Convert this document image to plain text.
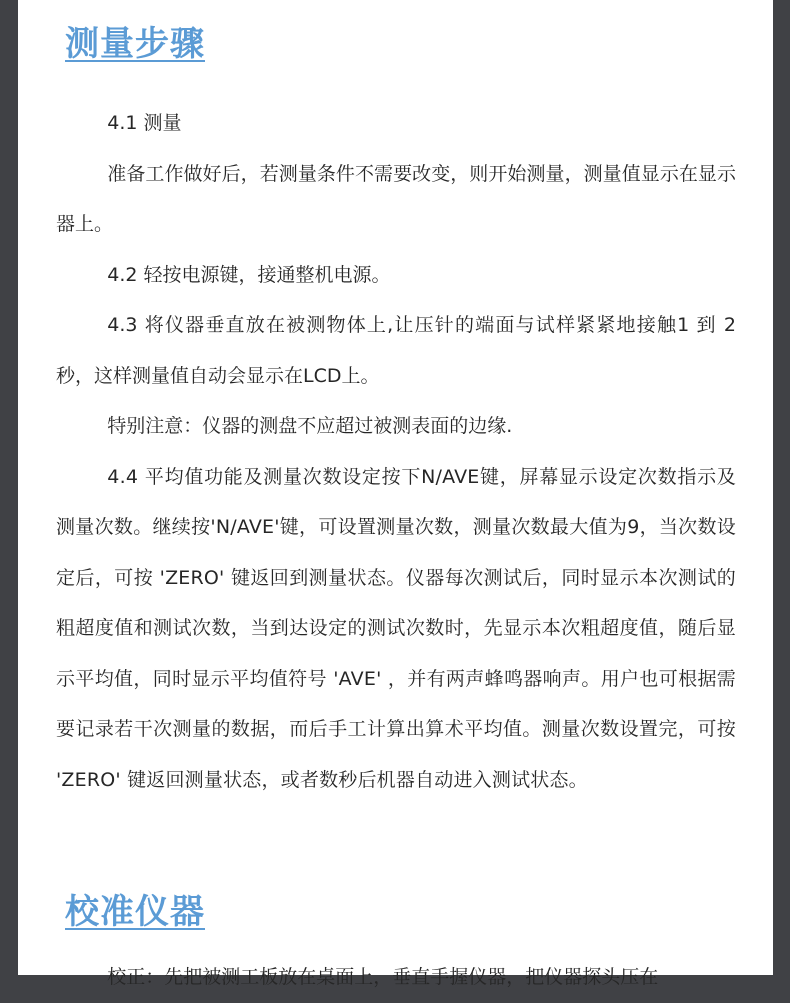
测量步骤

4.1 测量

准备工作做好后，若测量条件不需要改变，则开始测量，测量值显示在显示器上。

4.2 轻按电源键，接通整机电源。

4.3 将仪器垂直放在被测物体上,让压针的端面与试样紧紧地接触1 到 2 秒，这样测量值自动会显示在LCD上。

特别注意：仪器的测盘不应超过被测表面的边缘.

4.4 平均值功能及测量次数设定按下N/AVE键，屏幕显示设定次数指示及测量次数。继续按'N/AVE'键，可设置测量次数，测量次数最大值为9，当次数设定后，可按 'ZERO' 键返回到测量状态。仪器每次测试后，同时显示本次测试的粗超度值和测试次数，当到达设定的测试次数时，先显示本次粗超度值，随后显示平均值，同时显示平均值符号 'AVE' ，并有两声蜂鸣器响声。用户也可根据需要记录若干次测量的数据，而后手工计算出算术平均值。测量次数设置完，可按 'ZERO' 键返回测量状态，或者数秒后机器自动进入测试状态。

校准仪器

校正：先把被测工板放在桌面上，垂直手握仪器，把仪器探头压在
